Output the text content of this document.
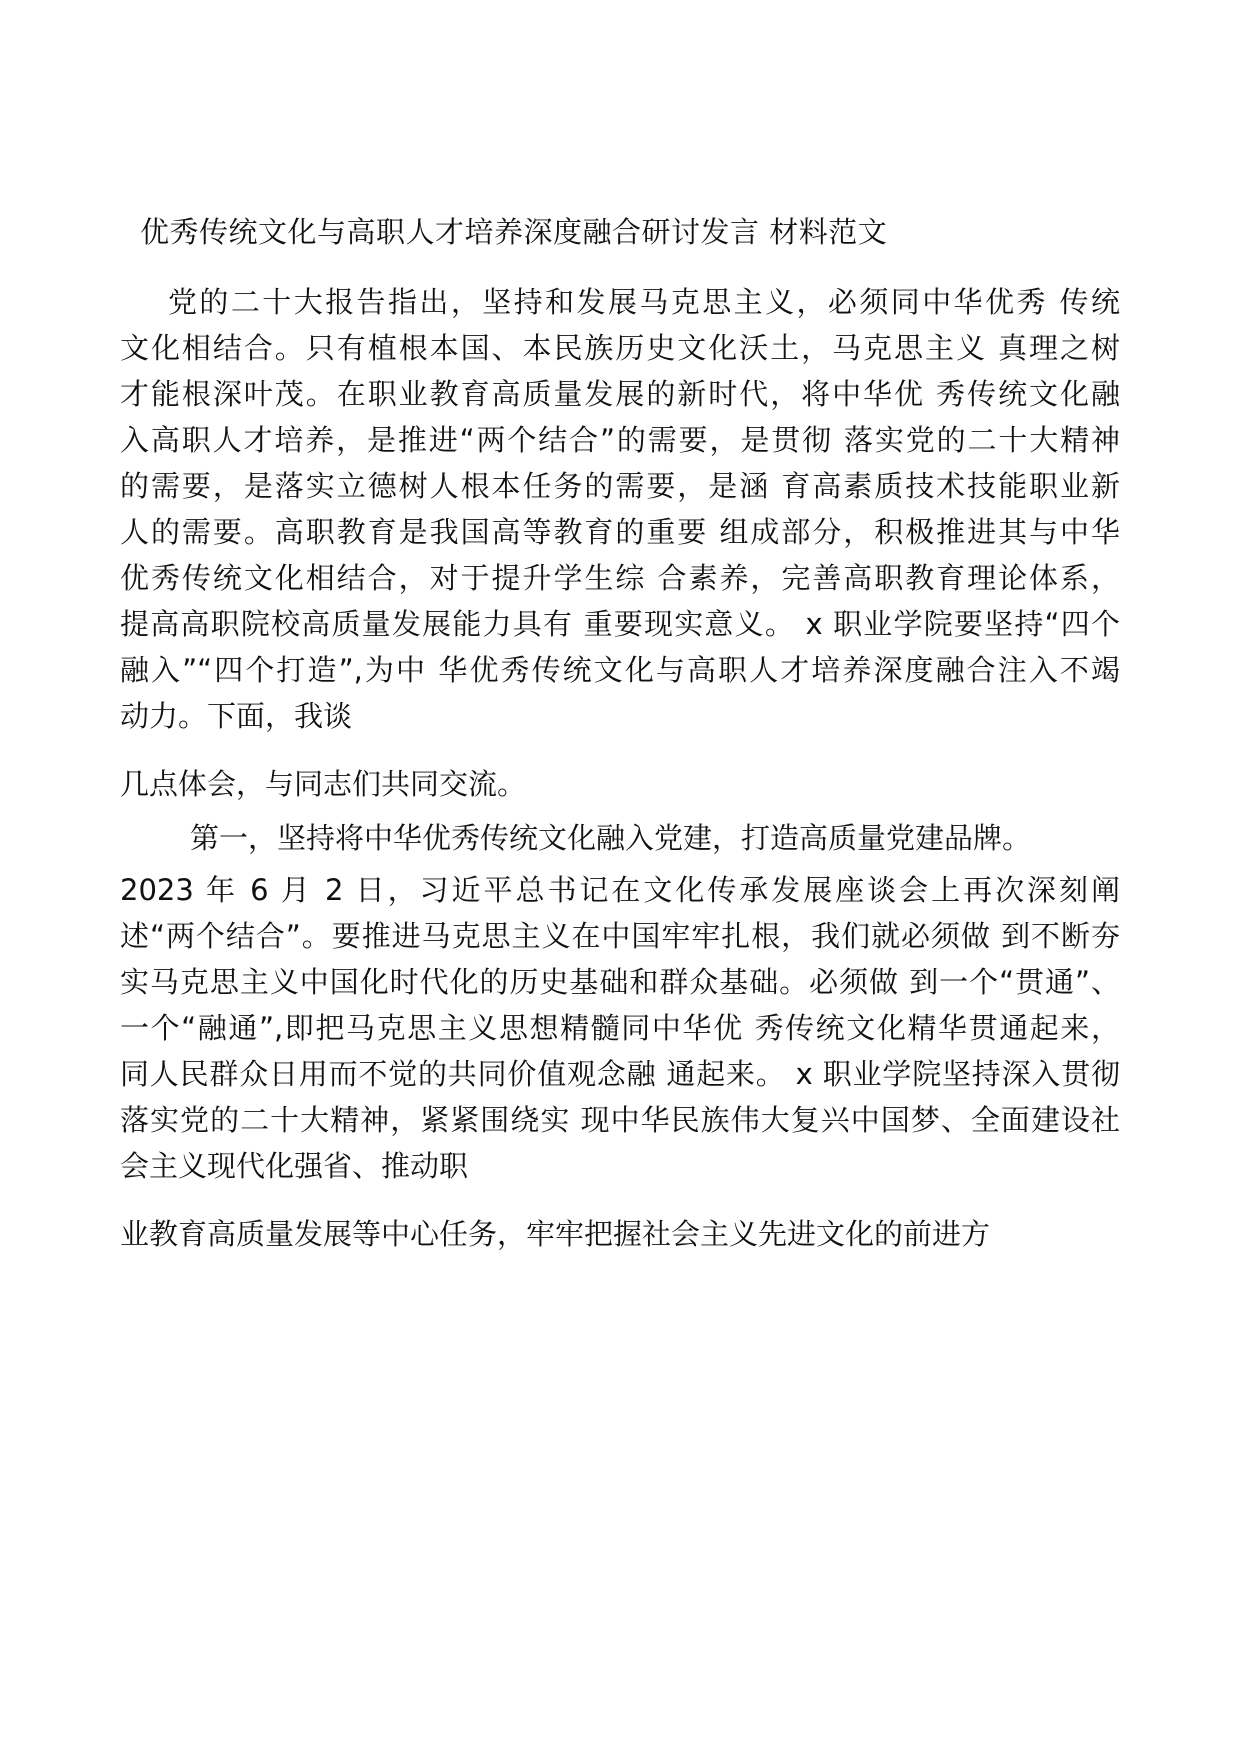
优秀传统文化与高职人才培养深度融合研讨发言 材料范文
党的二十大报告指出，坚持和发展马克思主义，必须同中华优秀 传统
文化相结合。只有植根本国、本民族历史文化沃土，马克思主义 真理之树
才能根深叶茂。在职业教育高质量发展的新时代，将中华优 秀传统文化融
入高职人才培养，是推进“两个结合”的需要，是贯彻 落实党的二十大精神
的需要，是落实立德树人根本任务的需要，是涵 育高素质技术技能职业新
人的需要。高职教育是我国高等教育的重要 组成部分，积极推进其与中华
优秀传统文化相结合，对于提升学生综 合素养，完善高职教育理论体系，
提高高职院校高质量发展能力具有 重要现实意义。 x 职业学院要坚持“四个
融入”“四个打造”,为中 华优秀传统文化与高职人才培养深度融合注入不竭
动力。下面，我谈
几点体会，与同志们共同交流。
第一，坚持将中华优秀传统文化融入党建，打造高质量党建品牌。
2023 年 6 月 2 日，习近平总书记在文化传承发展座谈会上再次深刻阐
述“两个结合”。要推进马克思主义在中国牢牢扎根，我们就必须做 到不断夯
实马克思主义中国化时代化的历史基础和群众基础。必须做 到一个“贯通”、
一个“融通”,即把马克思主义思想精髓同中华优 秀传统文化精华贯通起来，
同人民群众日用而不觉的共同价值观念融 通起来。 x 职业学院坚持深入贯彻
落实党的二十大精神，紧紧围绕实 现中华民族伟大复兴中国梦、全面建设社
会主义现代化强省、推动职
业教育高质量发展等中心任务，牢牢把握社会主义先进文化的前进方
